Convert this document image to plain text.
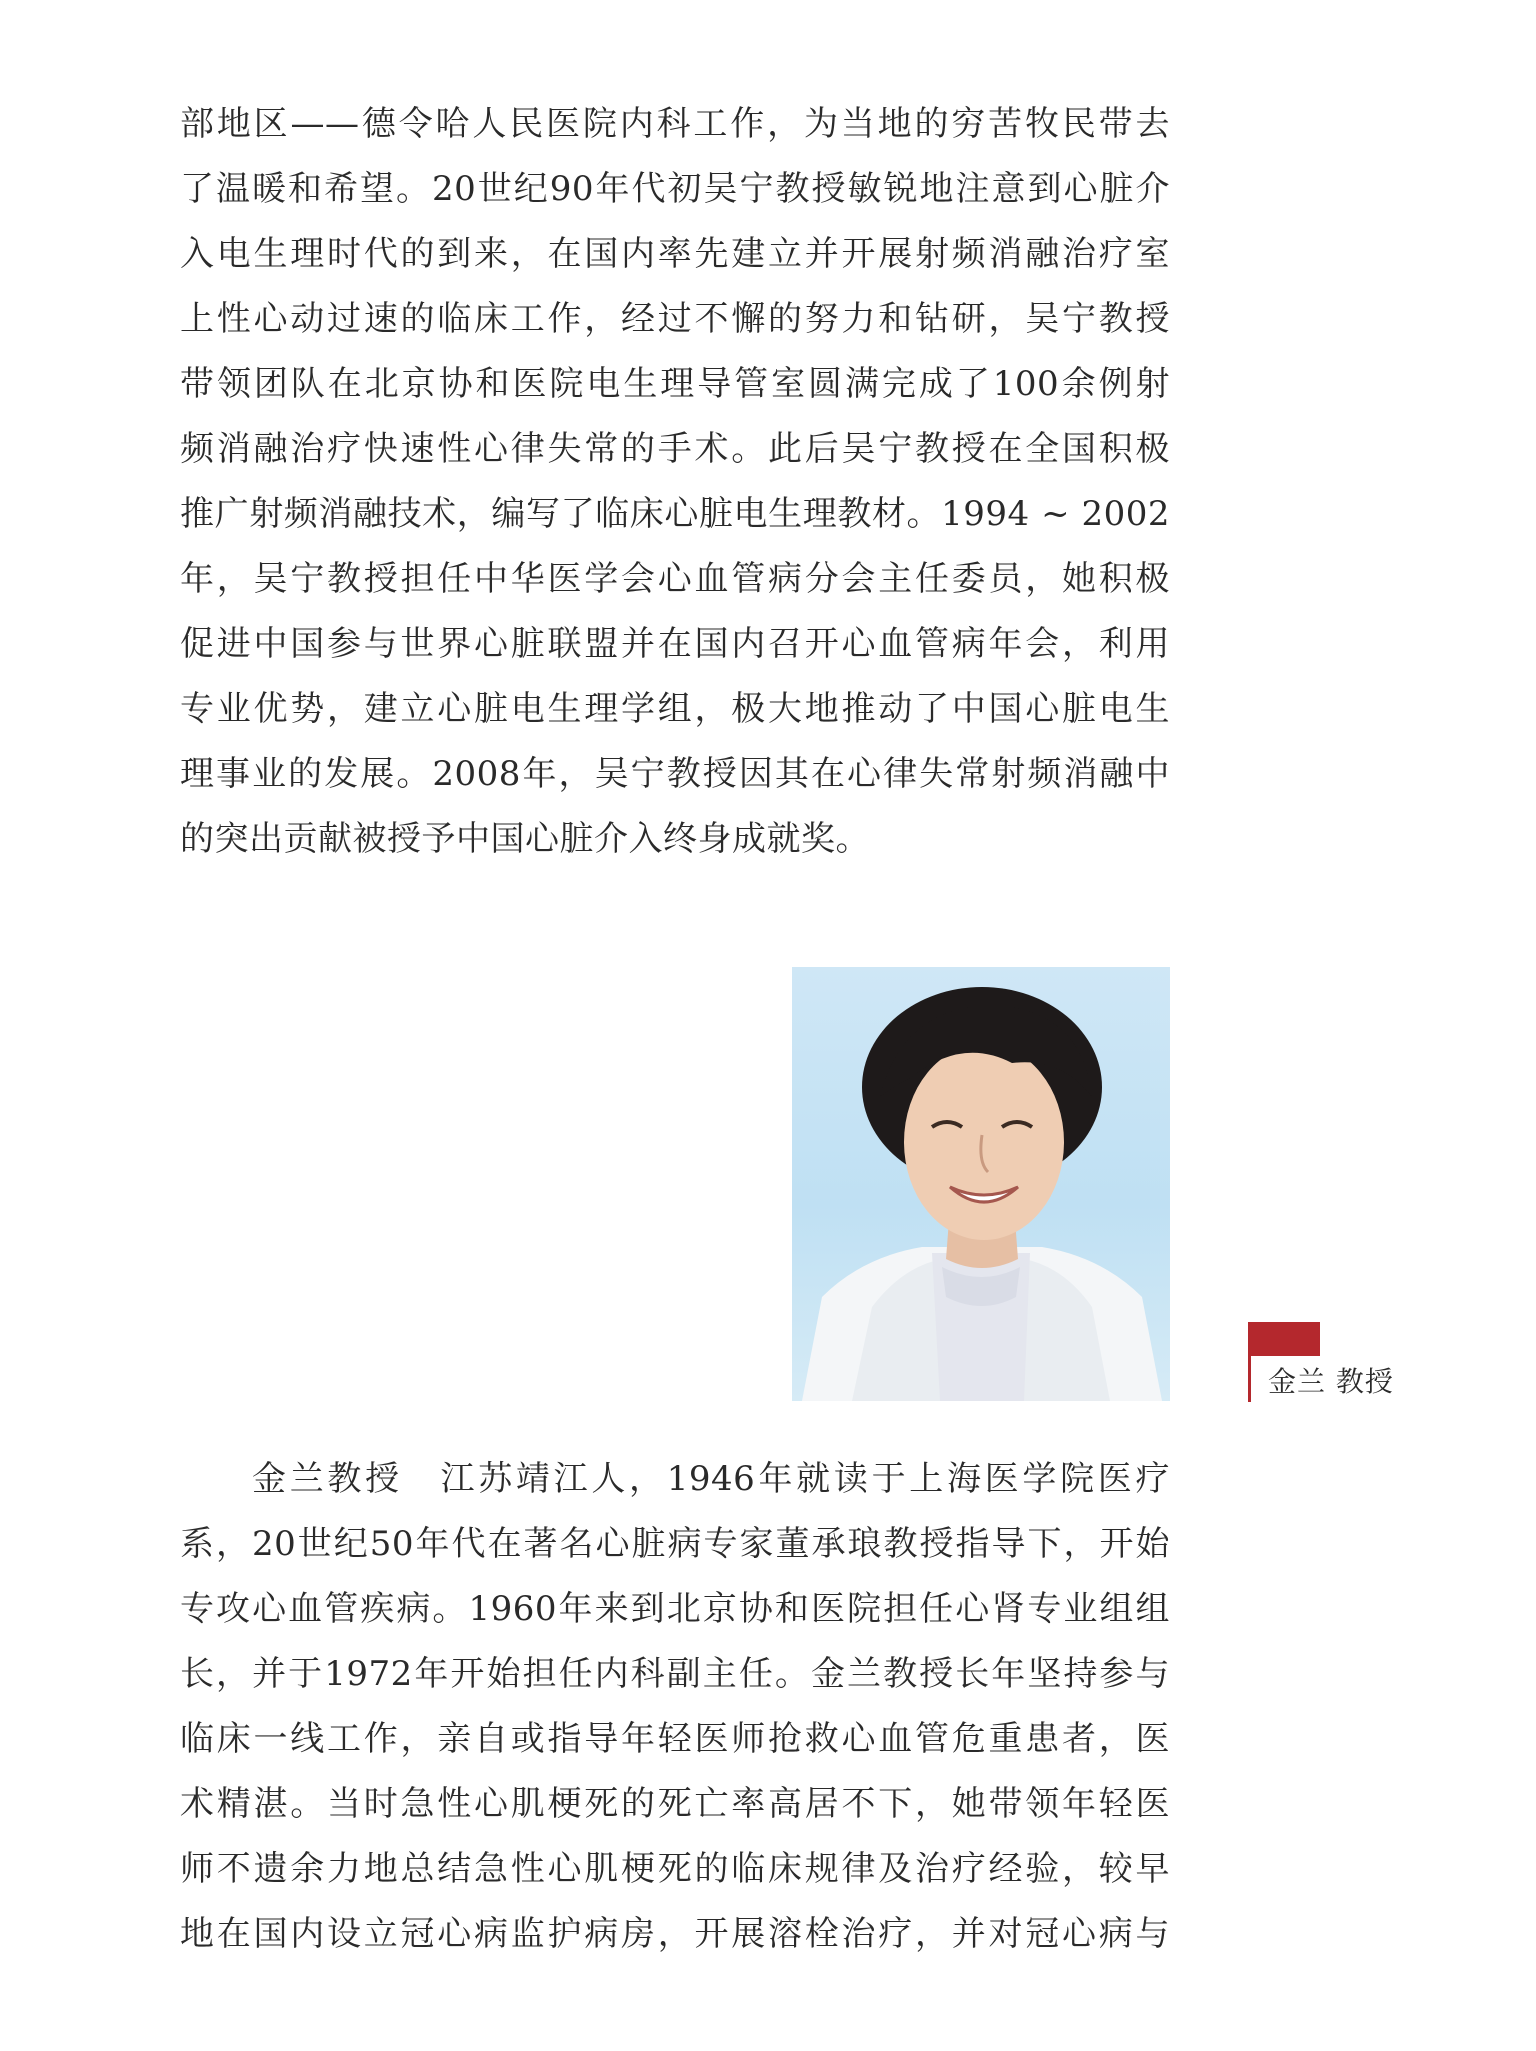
部地区——德令哈人民医院内科工作，为当地的穷苦牧民带去
了温暖和希望。20世纪90年代初吴宁教授敏锐地注意到心脏介
入电生理时代的到来，在国内率先建立并开展射频消融治疗室
上性心动过速的临床工作，经过不懈的努力和钻研，吴宁教授
带领团队在北京协和医院电生理导管室圆满完成了100余例射
频消融治疗快速性心律失常的手术。此后吴宁教授在全国积极
推广射频消融技术，编写了临床心脏电生理教材。1994 ~ 2002
年，吴宁教授担任中华医学会心血管病分会主任委员，她积极
促进中国参与世界心脏联盟并在国内召开心血管病年会，利用
专业优势，建立心脏电生理学组，极大地推动了中国心脏电生
理事业的发展。2008年，吴宁教授因其在心律失常射频消融中
的突出贡献被授予中国心脏介入终身成就奖。
金兰 教授
金兰教授　江苏靖江人，1946年就读于上海医学院医疗
系，20世纪50年代在著名心脏病专家董承琅教授指导下，开始
专攻心血管疾病。1960年来到北京协和医院担任心肾专业组组
长，并于1972年开始担任内科副主任。金兰教授长年坚持参与
临床一线工作，亲自或指导年轻医师抢救心血管危重患者，医
术精湛。当时急性心肌梗死的死亡率高居不下，她带领年轻医
师不遗余力地总结急性心肌梗死的临床规律及治疗经验，较早
地在国内设立冠心病监护病房，开展溶栓治疗，并对冠心病与
